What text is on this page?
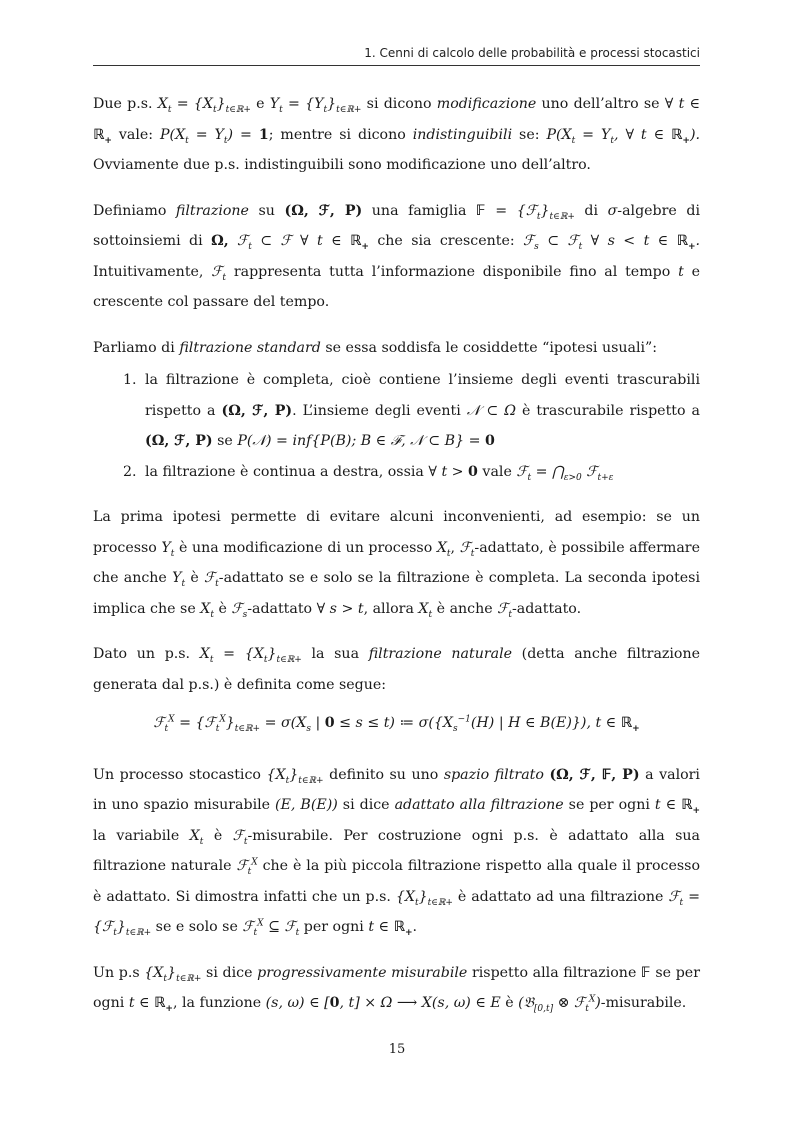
1. Cenni di calcolo delle probabilità e processi stocastici

Due p.s. $X_t = \{X_t\}_{t\in ℝ+}$ e $Y_t = \{Y_t\}_{t\in ℝ+}$ si dicono modificazione uno dell’altro se ∀ t ∈ ℝ$_+$ vale: $P(X_t = Y_t) = 1$; mentre si dicono indistinguibili se: $P(X_t = Y_t$, ∀ t ∈ ℝ$_+$). Ovviamente due p.s. indistinguibili sono modificazione uno dell’altro.

Definiamo filtrazione su (Ω, ℱ, P) una famiglia 𝔽 = $\{ℱ_t\}_{t\in ℝ+}$ di σ-algebre di sottoinsiemi di Ω, ℱ$_t$ ⊂ ℱ ∀ t ∈ ℝ$_+$ che sia crescente: ℱ$_s$ ⊂ ℱ$_t$ ∀ s < t ∈ ℝ$_+$. Intuitivamente, ℱ$_t$ rappresenta tutta l’informazione disponibile fino al tempo t e crescente col passare del tempo.

Parliamo di filtrazione standard se essa soddisfa le cosiddette “ipotesi usuali”:

1. la filtrazione è completa, cioè contiene l’insieme degli eventi trascurabili rispetto a (Ω, ℱ, P). L’insieme degli eventi 𝒩 ⊂ Ω è trascurabile rispetto a (Ω, ℱ, P) se P(𝒩) = inf{P(B); B ∈ ℱ, 𝒩 ⊂ B} = 0
2. la filtrazione è continua a destra, ossia ∀ t > 0 vale ℱ$_t$ = $⋂_{\varepsilon>0}$ ℱ$_{t+\varepsilon}$

La prima ipotesi permette di evitare alcuni inconvenienti, ad esempio: se un processo $Y_t$ è una modificazione di un processo $X_t$, ℱ$_t$-adattato, è possibile affermare che anche $Y_t$ è ℱ$_t$-adattato se e solo se la filtrazione è completa. La seconda ipotesi implica che se $X_t$ è ℱ$_s$-adattato ∀ s > t, allora $X_t$ è anche ℱ$_t$-adattato.

Dato un p.s. $X_t = \{X_t\}_{t\in ℝ+}$ la sua filtrazione naturale (detta anche filtrazione generata dal p.s.) è definita come segue:

ℱ$_t^X$ = $\{ℱ_t^X\}_{t\in ℝ+} = \sigma(X_s$ | 0 ≤ s ≤ t) ≔ $\sigma(\{X_s^{-1}(H)$ | H ∈ B(E)}), t ∈ ℝ$_+$

Un processo stocastico $\{X_t\}_{t\in ℝ+}$ definito su uno spazio filtrato (Ω, ℱ, 𝔽, P) a valori in uno spazio misurabile (E, B(E)) si dice adattato alla filtrazione se per ogni t ∈ ℝ$_+$ la variabile $X_t$ è ℱ$_t$-misurabile. Per costruzione ogni p.s. è adattato alla sua filtrazione naturale ℱ$_t^X$ che è la più piccola filtrazione rispetto alla quale il processo è adattato. Si dimostra infatti che un p.s. $\{X_t\}_{t\in ℝ+}$ è adattato ad una filtrazione ℱ$_t$ = $\{ℱ_t\}_{t\in ℝ+}$ se e solo se ℱ$_t^X$ ⊆ ℱ$_t$ per ogni t ∈ ℝ$_+$.

Un p.s $\{X_t\}_{t\in ℝ+}$ si dice progressivamente misurabile rispetto alla filtrazione 𝔽 se per ogni t ∈ ℝ$_+$, la funzione (s, ω) ∈ [0, t] × Ω ⟶ X(s, ω) ∈ E è (𝔅$_{[0,t]}$ ⊗ ℱ$_t^X$)-misurabile.

15
